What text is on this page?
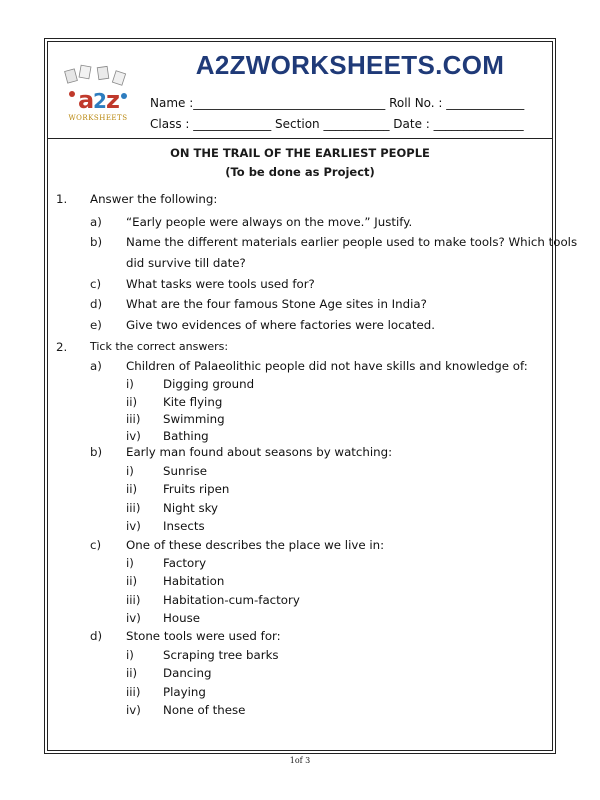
a
2 z
WORKSHEETS
A2ZWORKSHEETS.COM
Name :________________________________ Roll No. : _____________
Class : _____________ Section ___________ Date : _______________
ON THE TRAIL OF THE EARLIEST PEOPLE
(To be done as Project)
1. Answer the following:
a) “Early people were always on the move.” Justify.
b) Name the different materials earlier people used to make tools? Which tools
did survive till date?
c) What tasks were tools used for?
d) What are the four famous Stone Age sites in India?
e) Give two evidences of where factories were located.
2. Tick the correct answers:
a) Children of Palaeolithic people did not have skills and knowledge of:
i) Digging ground
ii) Kite flying
iii) Swimming
iv) Bathing
b) Early man found about seasons by watching:
i) Sunrise
ii) Fruits ripen
iii) Night sky
iv) Insects
c) One of these describes the place we live in:
i) Factory
ii) Habitation
iii) Habitation-cum-factory
iv) House
d) Stone tools were used for:
i) Scraping tree barks
ii) Dancing
iii) Playing
iv) None of these
1of 3
